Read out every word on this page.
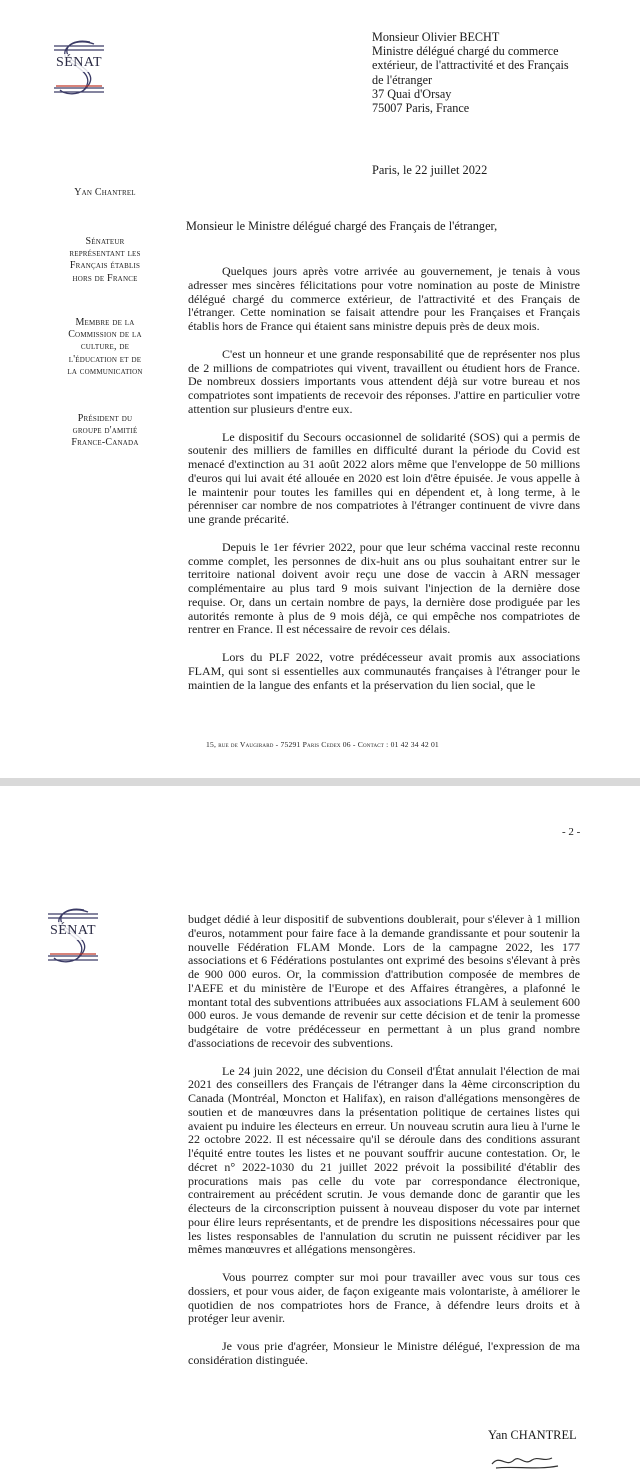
SÉNAT
Monsieur Olivier BECHT
Ministre délégué chargé du commerce
extérieur, de l'attractivité et des Français
de l'étranger
37 Quai d'Orsay
75007 Paris, France
Paris, le 22 juillet 2022
Yan Chantrel
Sénateur
représentant les
Français établis
hors de France
Membre de la
Commission de la
culture, de
l'éducation et de
la communication
Président du
groupe d'amitié
France-Canada
Monsieur le Ministre délégué chargé des Français de l'étranger,

Quelques jours après votre arrivée au gouvernement, je tenais à vous adresser mes sincères félicitations pour votre nomination au poste de Ministre délégué chargé du commerce extérieur, de l'attractivité et des Français de l'étranger. Cette nomination se faisait attendre pour les Françaises et Français établis hors de France qui étaient sans ministre depuis près de deux mois.

C'est un honneur et une grande responsabilité que de représenter nos plus de 2 millions de compatriotes qui vivent, travaillent ou étudient hors de France. De nombreux dossiers importants vous attendent déjà sur votre bureau et nos compatriotes sont impatients de recevoir des réponses. J'attire en particulier votre attention sur plusieurs d'entre eux.

Le dispositif du Secours occasionnel de solidarité (SOS) qui a permis de soutenir des milliers de familles en difficulté durant la période du Covid est menacé d'extinction au 31 août 2022 alors même que l'enveloppe de 50 millions d'euros qui lui avait été allouée en 2020 est loin d'être épuisée. Je vous appelle à le maintenir pour toutes les familles qui en dépendent et, à long terme, à le pérenniser car nombre de nos compatriotes à l'étranger continuent de vivre dans une grande précarité.

Depuis le 1er février 2022, pour que leur schéma vaccinal reste reconnu comme complet, les personnes de dix-huit ans ou plus souhaitant entrer sur le territoire national doivent avoir reçu une dose de vaccin à ARN messager complémentaire au plus tard 9 mois suivant l'injection de la dernière dose requise. Or, dans un certain nombre de pays, la dernière dose prodiguée par les autorités remonte à plus de 9 mois déjà, ce qui empêche nos compatriotes de rentrer en France. Il est nécessaire de revoir ces délais.

Lors du PLF 2022, votre prédécesseur avait promis aux associations FLAM, qui sont si essentielles aux communautés françaises à l'étranger pour le maintien de la langue des enfants et la préservation du lien social, que le

15, rue de Vaugirard - 75291 Paris Cedex 06 - Contact : 01 42 34 42 01
- 2 -
SÉNAT

budget dédié à leur dispositif de subventions doublerait, pour s'élever à 1 million d'euros, notamment pour faire face à la demande grandissante et pour soutenir la nouvelle Fédération FLAM Monde. Lors de la campagne 2022, les 177 associations et 6 Fédérations postulantes ont exprimé des besoins s'élevant à près de 900 000 euros. Or, la commission d'attribution composée de membres de l'AEFE et du ministère de l'Europe et des Affaires étrangères, a plafonné le montant total des subventions attribuées aux associations FLAM à seulement 600 000 euros. Je vous demande de revenir sur cette décision et de tenir la promesse budgétaire de votre prédécesseur en permettant à un plus grand nombre d'associations de recevoir des subventions.

Le 24 juin 2022, une décision du Conseil d'État annulait l'élection de mai 2021 des conseillers des Français de l'étranger dans la 4ème circonscription du Canada (Montréal, Moncton et Halifax), en raison d'allégations mensongères de soutien et de manœuvres dans la présentation politique de certaines listes qui avaient pu induire les électeurs en erreur. Un nouveau scrutin aura lieu à l'urne le 22 octobre 2022. Il est nécessaire qu'il se déroule dans des conditions assurant l'équité entre toutes les listes et ne pouvant souffrir aucune contestation. Or, le décret n° 2022-1030 du 21 juillet 2022 prévoit la possibilité d'établir des procurations mais pas celle du vote par correspondance électronique, contrairement au précédent scrutin. Je vous demande donc de garantir que les électeurs de la circonscription puissent à nouveau disposer du vote par internet pour élire leurs représentants, et de prendre les dispositions nécessaires pour que les listes responsables de l'annulation du scrutin ne puissent récidiver par les mêmes manœuvres et allégations mensongères.

Vous pourrez compter sur moi pour travailler avec vous sur tous ces dossiers, et pour vous aider, de façon exigeante mais volontariste, à améliorer le quotidien de nos compatriotes hors de France, à défendre leurs droits et à protéger leur avenir.

Je vous prie d'agréer, Monsieur le Ministre délégué, l'expression de ma considération distinguée.

Yan CHANTREL
